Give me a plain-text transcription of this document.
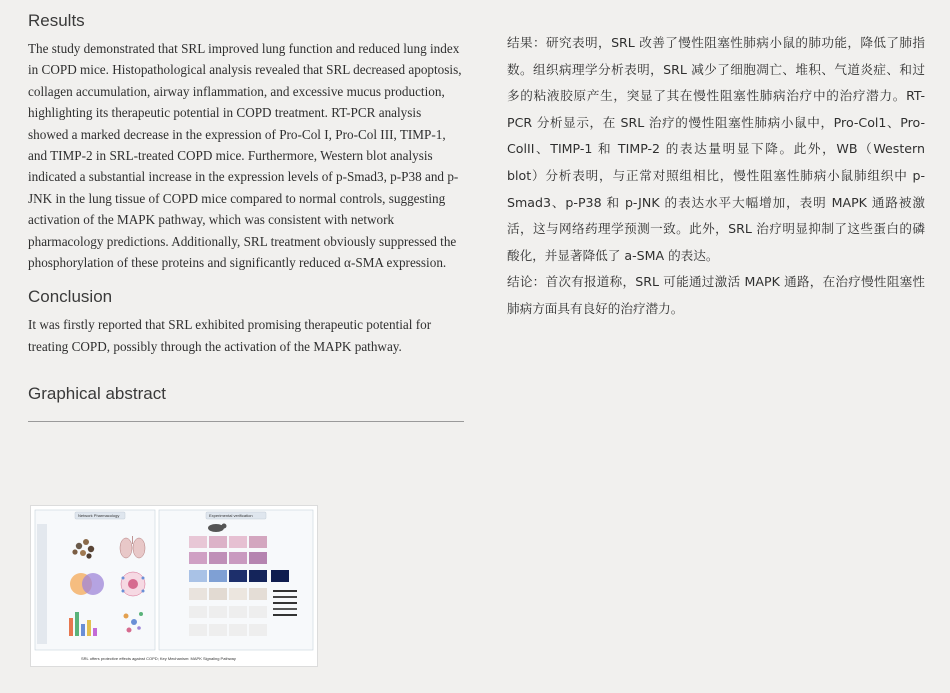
Results

The study demonstrated that SRL improved lung function and reduced lung index in COPD mice. Histopathological analysis revealed that SRL decreased apoptosis, collagen accumulation, airway inflammation, and excessive mucus production, highlighting its therapeutic potential in COPD treatment. RT-PCR analysis showed a marked decrease in the expression of Pro-Col I, Pro-Col III, TIMP-1, and TIMP-2 in SRL-treated COPD mice. Furthermore, Western blot analysis indicated a substantial increase in the expression levels of p-Smad3, p-P38 and p-JNK in the lung tissue of COPD mice compared to normal controls, suggesting activation of the MAPK pathway, which was consistent with network pharmacology predictions. Additionally, SRL treatment obviously suppressed the phosphorylation of these proteins and significantly reduced α-SMA expression.

Conclusion

It was firstly reported that SRL exhibited promising therapeutic potential for treating COPD, possibly through the activation of the MAPK pathway.

Graphical abstract
Network Pharmacology	Experimental verification
SRL offers protective effects against COPD; Key Mechanism: MAPK Signaling Pathway

结果：研究表明，SRL 改善了慢性阻塞性肺病小鼠的肺功能，降低了肺指数。组织病理学分析表明，SRL 减少了细胞凋亡、堆积、气道炎症、和过多的粘液胶原产生，突显了其在慢性阻塞性肺病治疗中的治疗潜力。RT-PCR 分析显示，在 SRL 治疗的慢性阻塞性肺病小鼠中，Pro-Col1、Pro-ColII、TIMP-1 和 TIMP-2 的表达量明显下降。此外，WB（Western blot）分析表明，与正常对照组相比，慢性阻塞性肺病小鼠肺组织中 p-Smad3、p-P38 和 p-JNK 的表达水平大幅增加，表明 MAPK 通路被激活，这与网络药理学预测一致。此外，SRL 治疗明显抑制了这些蛋白的磷酸化，并显著降低了 a-SMA 的表达。

结论：首次有报道称，SRL 可能通过激活 MAPK 通路，在治疗慢性阻塞性肺病方面具有良好的治疗潜力。
